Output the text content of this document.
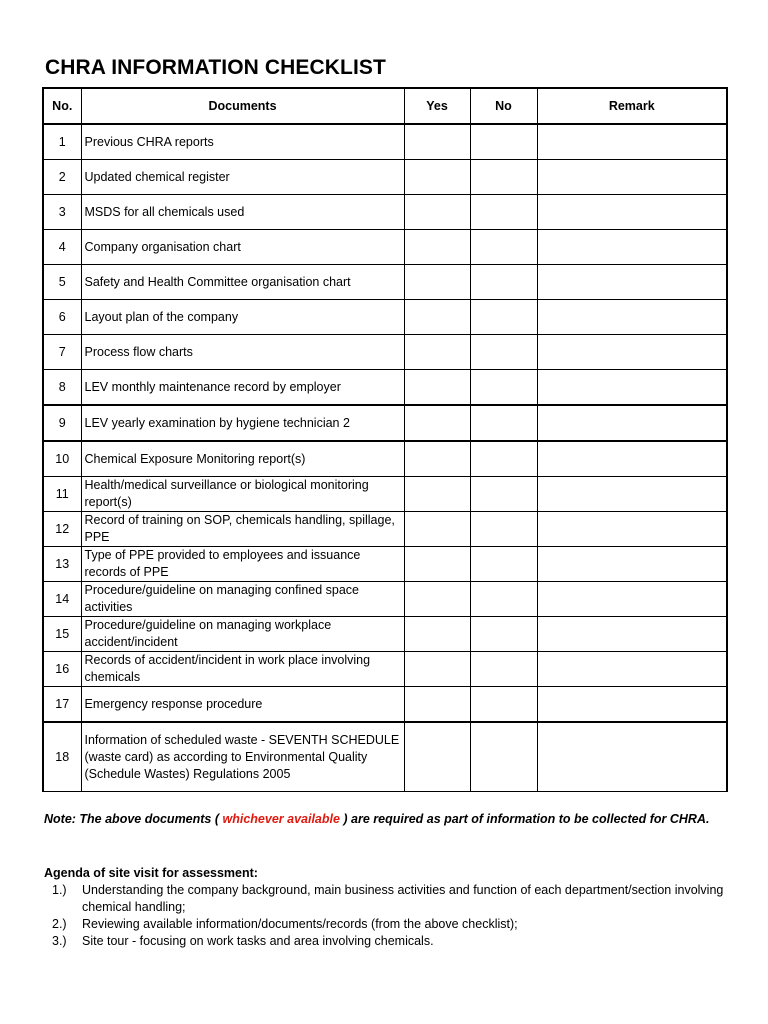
CHRA INFORMATION CHECKLIST
No.	Documents	Yes	No	Remark
1	Previous CHRA reports			
2	Updated chemical register			
3	MSDS for all chemicals used			
4	Company organisation chart			
5	Safety and Health Committee organisation chart			
6	Layout plan of the company			
7	Process flow charts			
8	LEV monthly maintenance record by employer			
9	LEV yearly examination by hygiene technician 2			
10	Chemical Exposure Monitoring report(s)			
11	Health/medical surveillance or biological monitoring report(s)			
12	Record of training on SOP, chemicals handling, spillage, PPE			
13	Type of PPE provided to employees and issuance records of PPE			
14	Procedure/guideline on managing confined space activities			
15	Procedure/guideline on managing workplace accident/incident			
16	Records of accident/incident in work place involving chemicals			
17	Emergency response procedure			
18	Information of scheduled waste - SEVENTH SCHEDULE (waste card) as according to Environmental Quality (Schedule Wastes) Regulations 2005			
Note: The above documents ( whichever available ) are required as part of information to be collected for CHRA.
Agenda of site visit for assessment:
1.)	Understanding the company background, main business activities and function of each department/section involving chemical handling;
2.)	Reviewing available information/documents/records (from the above checklist);
3.)	Site tour - focusing on work tasks and area involving chemicals.
